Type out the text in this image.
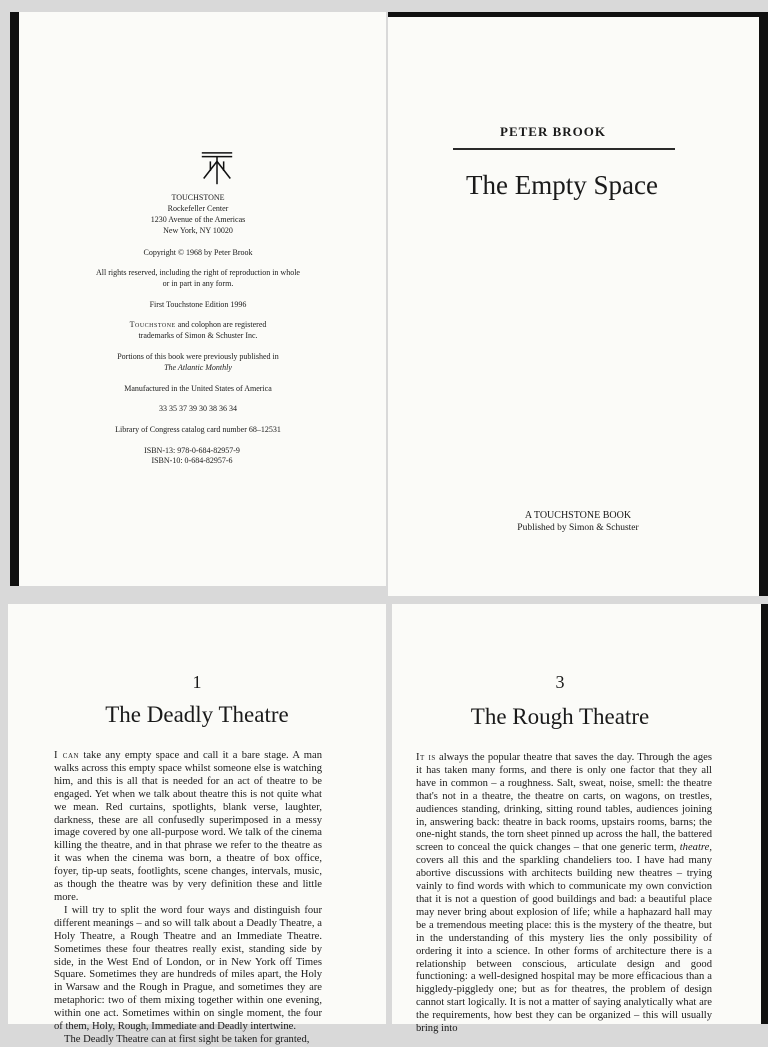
TOUCHSTONE
Rockefeller Center
1230 Avenue of the Americas
New York, NY 10020
Copyright © 1968 by Peter Brook
All rights reserved, including the right of reproduction in whole
or in part in any form.
First Touchstone Edition 1996
Touchstone and colophon are registered
trademarks of Simon & Schuster Inc.
Portions of this book were previously published in
The Atlantic Monthly
Manufactured in the United States of America
33 35 37 39 30 38 36 34
Library of Congress catalog card number 68–12531
ISBN-13: 978-0-684-82957-9
ISBN-10: 0-684-82957-6
PETER BROOK
The Empty Space
A TOUCHSTONE BOOK
Published by Simon & Schuster
1
The Deadly Theatre

I can take any empty space and call it a bare stage. A man walks across this empty space whilst someone else is watching him, and this is all that is needed for an act of theatre to be engaged. Yet when we talk about theatre this is not quite what we mean. Red curtains, spotlights, blank verse, laughter, darkness, these are all confusedly superimposed in a messy image covered by one all-purpose word. We talk of the cinema killing the theatre, and in that phrase we refer to the theatre as it was when the cinema was born, a theatre of box office, foyer, tip-up seats, footlights, scene changes, intervals, music, as though the theatre was by very definition these and little more.

I will try to split the word four ways and distinguish four different meanings – and so will talk about a Deadly Theatre, a Holy Theatre, a Rough Theatre and an Immediate Theatre. Sometimes these four theatres really exist, standing side by side, in the West End of London, or in New York off Times Square. Sometimes they are hundreds of miles apart, the Holy in Warsaw and the Rough in Prague, and sometimes they are metaphoric: two of them mixing together within one evening, within one act. Sometimes within on single moment, the four of them, Holy, Rough, Immediate and Deadly intertwine.

The Deadly Theatre can at first sight be taken for granted,

3
The Rough Theatre

It is always the popular theatre that saves the day. Through the ages it has taken many forms, and there is only one factor that they all have in common – a roughness. Salt, sweat, noise, smell: the theatre that's not in a theatre, the theatre on carts, on wagons, on trestles, audiences standing, drinking, sitting round tables, audiences joining in, answering back: theatre in back rooms, upstairs rooms, barns; the one-night stands, the torn sheet pinned up across the hall, the battered screen to conceal the quick changes – that one generic term, theatre, covers all this and the sparkling chandeliers too. I have had many abortive discussions with architects building new theatres – trying vainly to find words with which to communicate my own conviction that it is not a question of good buildings and bad: a beautiful place may never bring about explosion of life; while a haphazard hall may be a tremendous meeting place: this is the mystery of the theatre, but in the understanding of this mystery lies the only possibility of ordering it into a science. In other forms of architecture there is a relationship between conscious, articulate design and good functioning: a well-designed hospital may be more efficacious than a higgledy-piggledy one; but as for theatres, the problem of design cannot start logically. It is not a matter of saying analytically what are the requirements, how best they can be organized – this will usually bring into
